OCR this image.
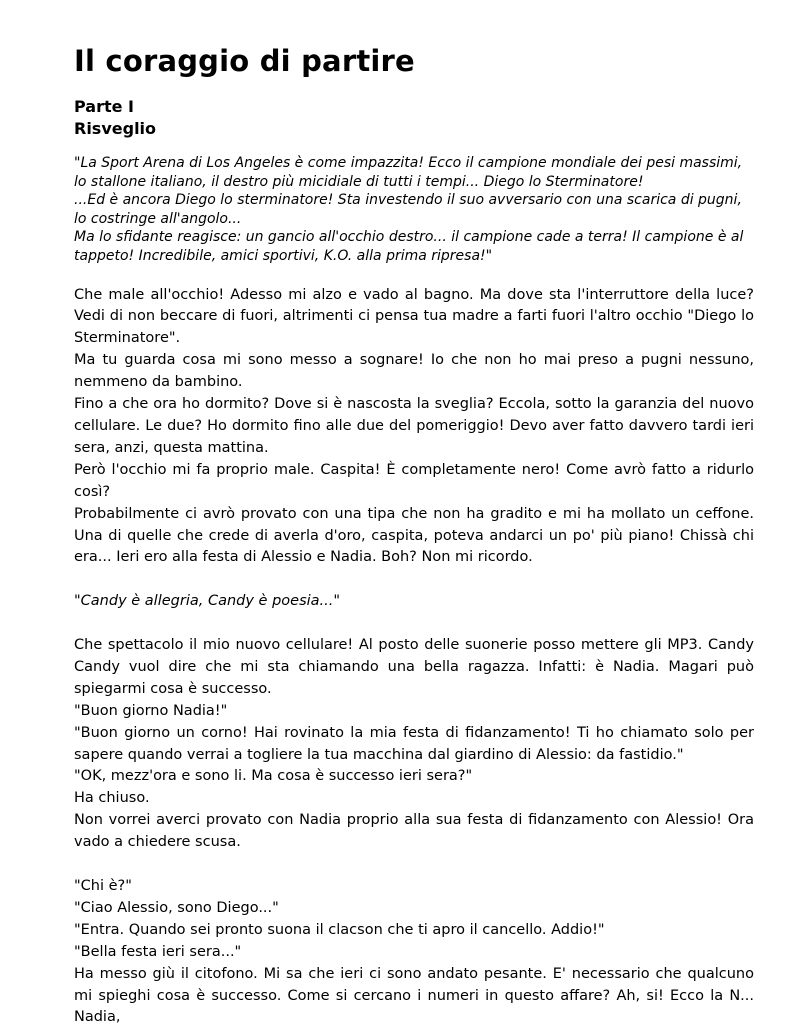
Il coraggio di partire
Parte I
Risveglio

"La Sport Arena di Los Angeles è come impazzita! Ecco il campione mondiale dei pesi massimi, lo stallone italiano, il destro più micidiale di tutti i tempi... Diego lo Sterminatore!

...Ed è ancora Diego lo sterminatore! Sta investendo il suo avversario con una scarica di pugni, lo costringe all'angolo...

Ma lo sfidante reagisce: un gancio all'occhio destro... il campione cade a terra! Il campione è al tappeto! Incredibile, amici sportivi, K.O. alla prima ripresa!"

Che male all'occhio! Adesso mi alzo e vado al bagno. Ma dove sta l'interruttore della luce? Vedi di non beccare di fuori, altrimenti ci pensa tua madre a farti fuori l'altro occhio "Diego lo Sterminatore".

Ma tu guarda cosa mi sono messo a sognare! Io che non ho mai preso a pugni nessuno, nemmeno da bambino.

Fino a che ora ho dormito? Dove si è nascosta la sveglia? Eccola, sotto la garanzia del nuovo cellulare. Le due? Ho dormito fino alle due del pomeriggio! Devo aver fatto davvero tardi ieri sera, anzi, questa mattina.

Però l'occhio mi fa proprio male. Caspita! È completamente nero! Come avrò fatto a ridurlo così?

Probabilmente ci avrò provato con una tipa che non ha gradito e mi ha mollato un ceffone. Una di quelle che crede di averla d'oro, caspita, poteva andarci un po' più piano! Chissà chi era... Ieri ero alla festa di Alessio e Nadia. Boh? Non mi ricordo.

"Candy è allegria, Candy è poesia..."

Che spettacolo il mio nuovo cellulare! Al posto delle suonerie posso mettere gli MP3. Candy Candy vuol dire che mi sta chiamando una bella ragazza. Infatti: è Nadia. Magari può spiegarmi cosa è successo.

"Buon giorno Nadia!"

"Buon giorno un corno! Hai rovinato la mia festa di fidanzamento! Ti ho chiamato solo per sapere quando verrai a togliere la tua macchina dal giardino di Alessio: da fastidio."

"OK, mezz'ora e sono li. Ma cosa è successo ieri sera?"

Ha chiuso.

Non vorrei averci provato con Nadia proprio alla sua festa di fidanzamento con Alessio! Ora vado a chiedere scusa.

"Chi è?"

"Ciao Alessio, sono Diego..."

"Entra. Quando sei pronto suona il clacson che ti apro il cancello. Addio!"

"Bella festa ieri sera..."

Ha messo giù il citofono. Mi sa che ieri ci sono andato pesante. E' necessario che qualcuno mi spieghi cosa è successo. Come si cercano i numeri in questo affare? Ah, si! Ecco la N... Nadia,
